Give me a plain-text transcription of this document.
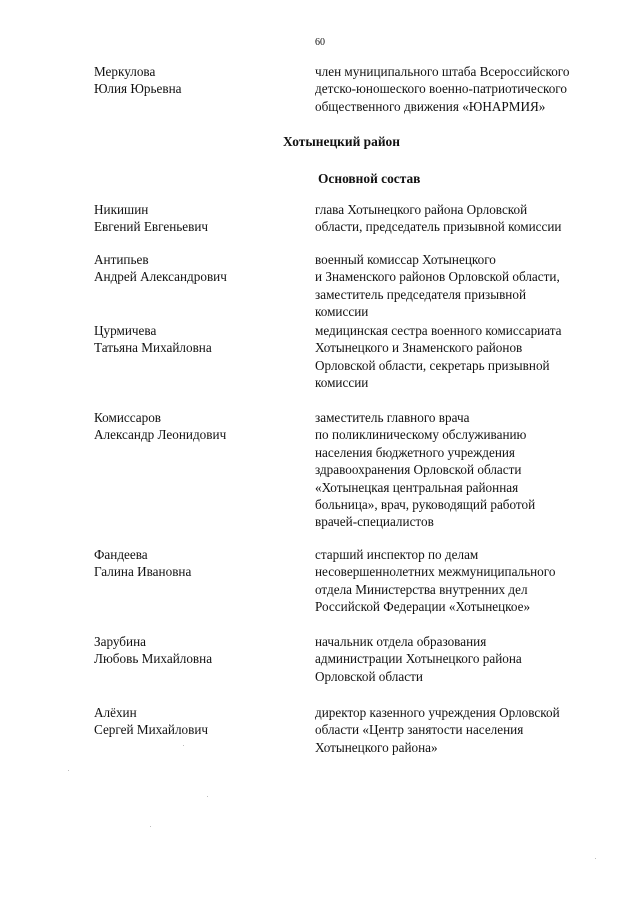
60
Меркулова
Юлия Юрьевна
член муниципального штаба Всероссийского
детско-юношеского военно-патриотического
общественного движения «ЮНАРМИЯ»
Хотынецкий район
Основной состав
Никишин
Евгений Евгеньевич
глава Хотынецкого района Орловской
области, председатель призывной комиссии
Антипьев
Андрей Александрович
военный комиссар Хотынецкого
и Знаменского районов Орловской области,
заместитель председателя призывной
комиссии
Цурмичева
Татьяна Михайловна
медицинская сестра военного комиссариата
Хотынецкого и Знаменского районов
Орловской области, секретарь призывной
комиссии
Комиссаров
Александр Леонидович
заместитель главного врача
по поликлиническому обслуживанию
населения бюджетного учреждения
здравоохранения Орловской области
«Хотынецкая центральная районная
больница», врач, руководящий работой
врачей-специалистов
Фандеева
Галина Ивановна
старший инспектор по делам
несовершеннолетних межмуниципального
отдела Министерства внутренних дел
Российской Федерации «Хотынецкое»
Зарубина
Любовь Михайловна
начальник отдела образования
администрации Хотынецкого района
Орловской области
Алёхин
Сергей Михайлович
директор казенного учреждения Орловской
области «Центр занятости населения
Хотынецкого района»
